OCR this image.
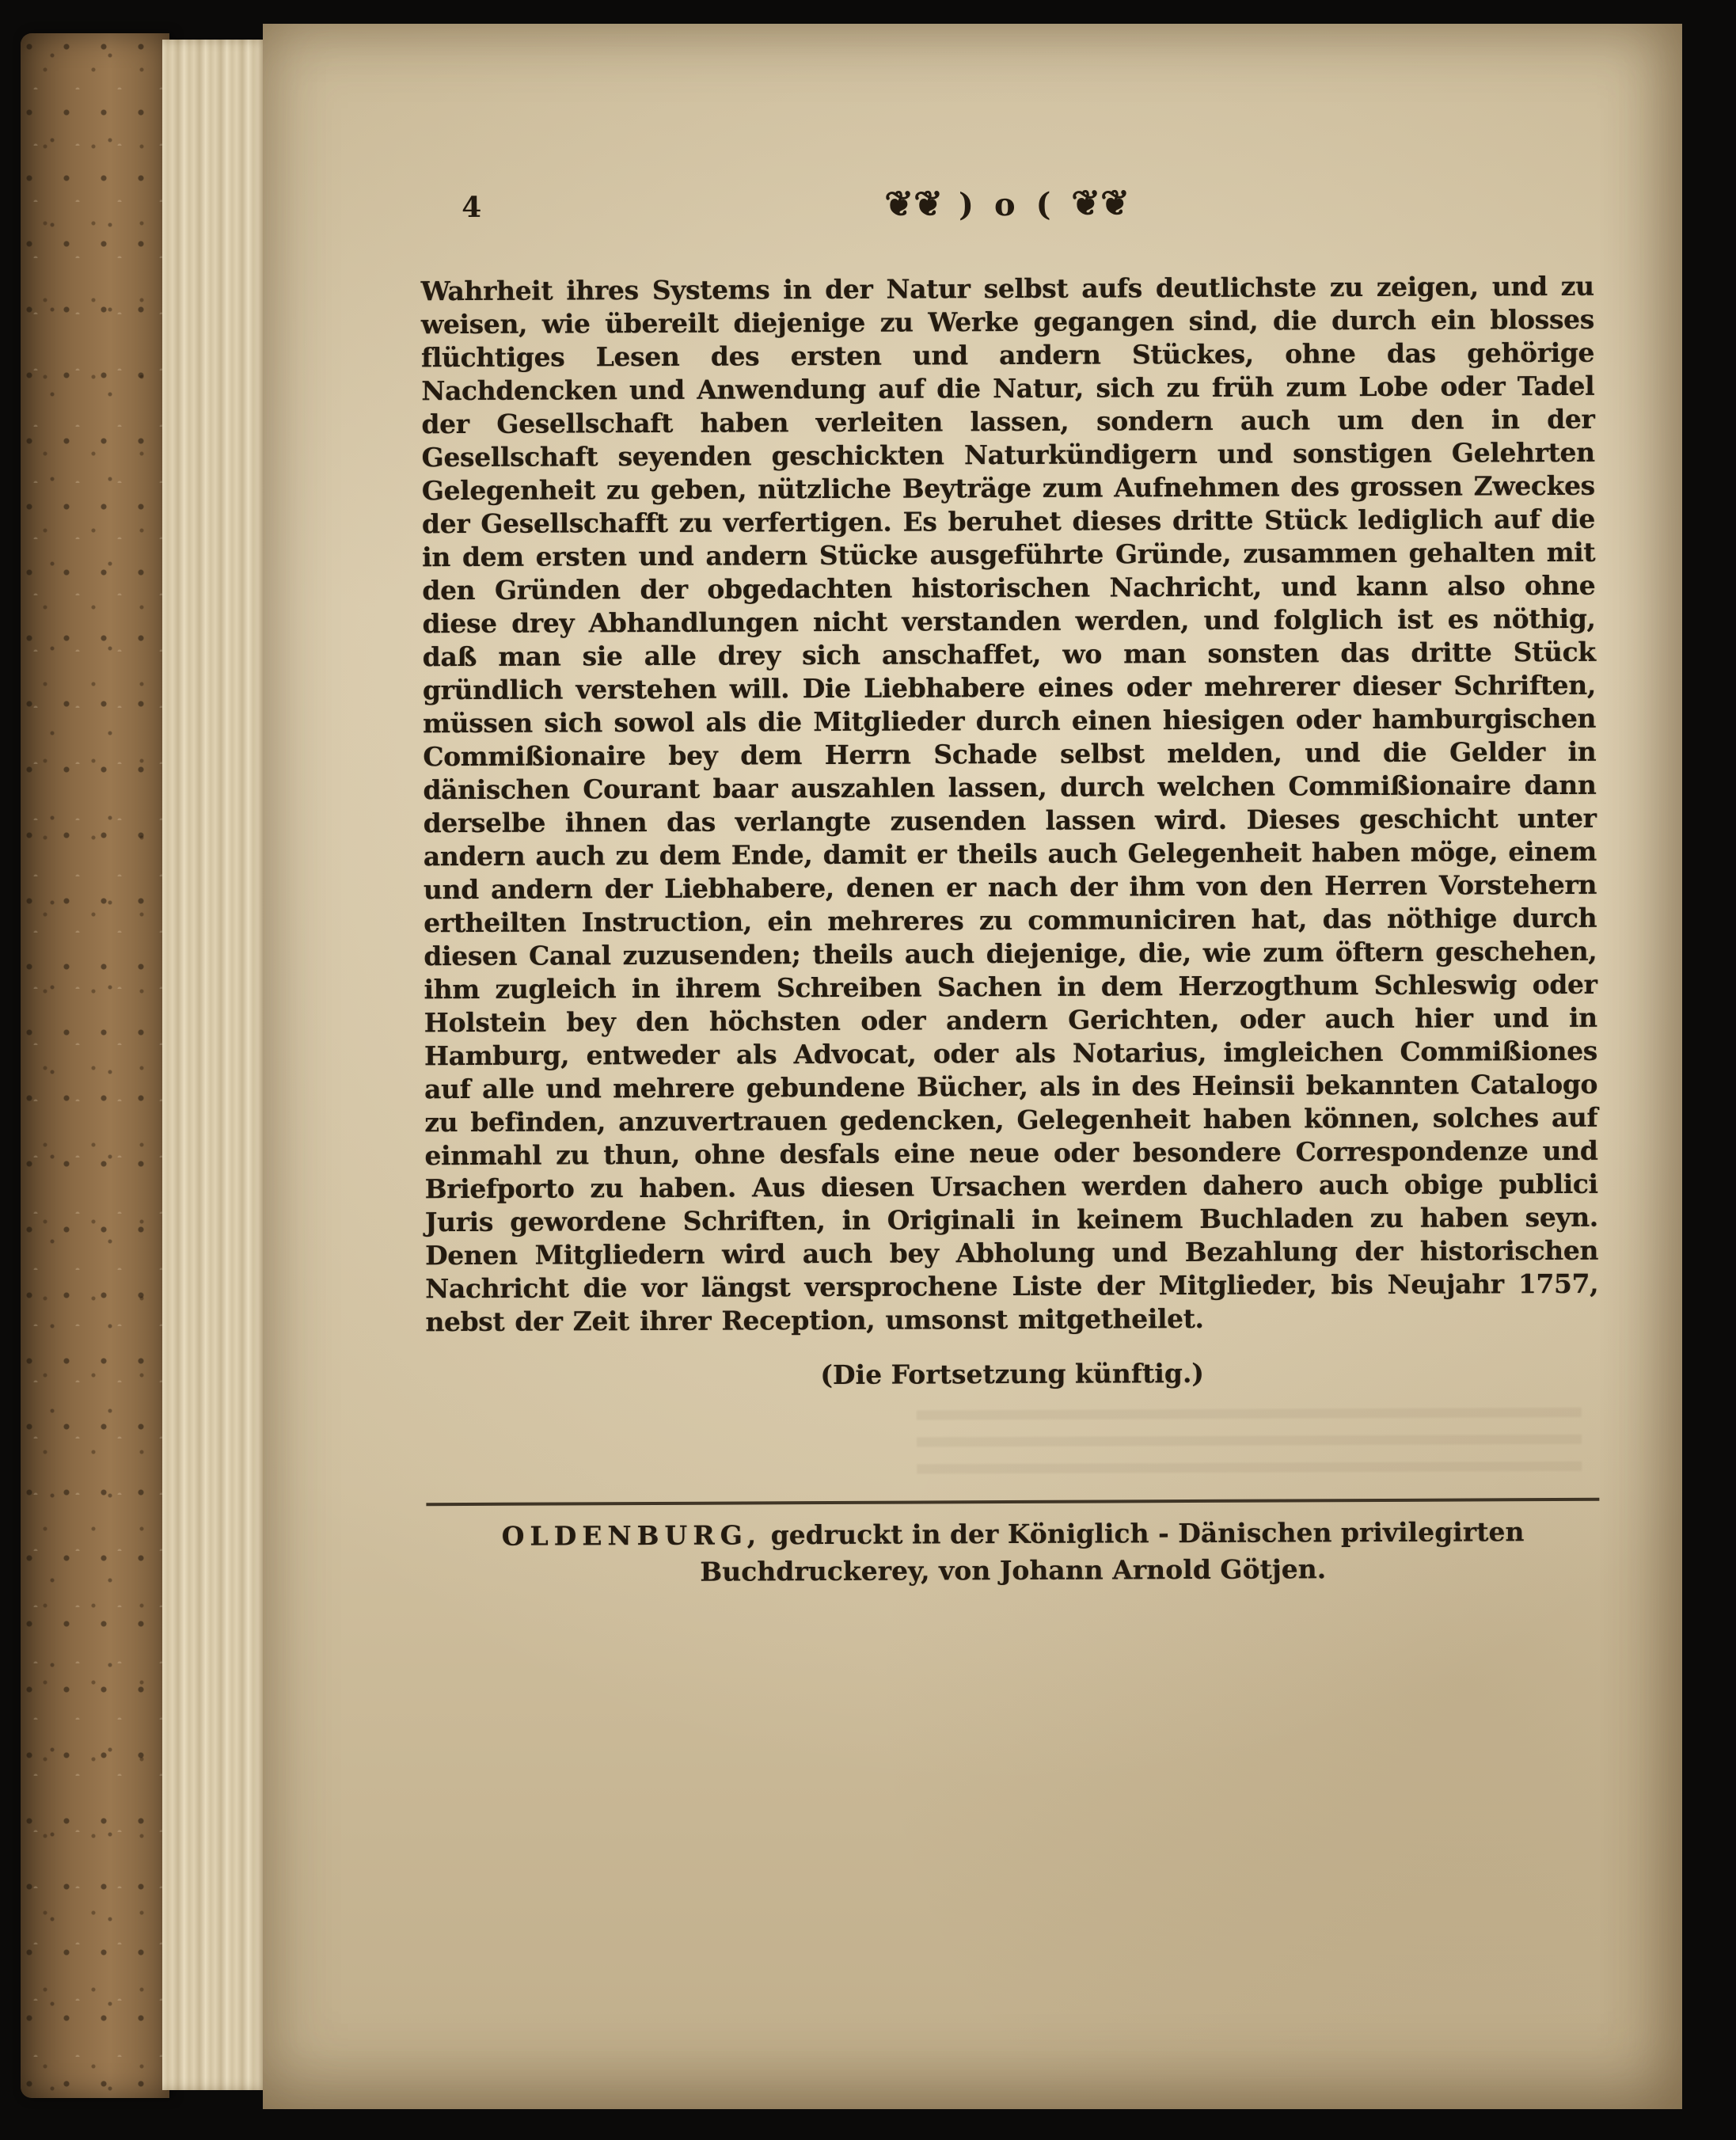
4	❦❦ ) o ( ❦❦
Wahrheit ihres Systems in der Natur selbst aufs deutlichste zu zeigen, und zu weisen, wie übereilt diejenige zu Werke gegangen sind, die durch ein blosses flüchtiges Lesen des ersten und andern Stückes, ohne das gehörige Nachdencken und Anwendung auf die Natur, sich zu früh zum Lobe oder Tadel der Gesellschaft haben verleiten lassen, sondern auch um den in der Gesellschaft seyenden geschickten Naturkündigern und sonstigen Gelehrten Gelegenheit zu geben, nützliche Beyträge zum Aufnehmen des grossen Zweckes der Gesellschafft zu verfertigen. Es beruhet dieses dritte Stück lediglich auf die in dem ersten und andern Stücke ausgeführte Gründe, zusammen gehalten mit den Gründen der obgedachten historischen Nachricht, und kann also ohne diese drey Abhandlungen nicht verstanden werden, und folglich ist es nöthig, daß man sie alle drey sich anschaffet, wo man sonsten das dritte Stück gründlich verstehen will. Die Liebhabere eines oder mehrerer dieser Schriften, müssen sich sowol als die Mitglieder durch einen hiesigen oder hamburgischen Commißionaire bey dem Herrn Schade selbst melden, und die Gelder in dänischen Courant baar auszahlen lassen, durch welchen Commißionaire dann derselbe ihnen das verlangte zusenden lassen wird. Dieses geschicht unter andern auch zu dem Ende, damit er theils auch Gelegenheit haben möge, einem und andern der Liebhabere, denen er nach der ihm von den Herren Vorstehern ertheilten Instruction, ein mehreres zu communiciren hat, das nöthige durch diesen Canal zuzusenden; theils auch diejenige, die, wie zum öftern geschehen, ihm zugleich in ihrem Schreiben Sachen in dem Herzogthum Schleswig oder Holstein bey den höchsten oder andern Gerichten, oder auch hier und in Hamburg, entweder als Advocat, oder als Notarius, imgleichen Commißiones auf alle und mehrere gebundene Bücher, als in des Heinsii bekannten Catalogo zu befinden, anzuvertrauen gedencken, Gelegenheit haben können, solches auf einmahl zu thun, ohne desfals eine neue oder besondere Correspondenze und Briefporto zu haben. Aus diesen Ursachen werden dahero auch obige publici Juris gewordene Schriften, in Originali in keinem Buchladen zu haben seyn. Denen Mitgliedern wird auch bey Abholung und Bezahlung der historischen Nachricht die vor längst versprochene Liste der Mitglieder, bis Neujahr 1757, nebst der Zeit ihrer Reception, umsonst mitgetheilet.
(Die Fortsetzung künftig.)
OLDENBURG, gedruckt in der Königlich - Dänischen privilegirten
Buchdruckerey, von Johann Arnold Götjen.
